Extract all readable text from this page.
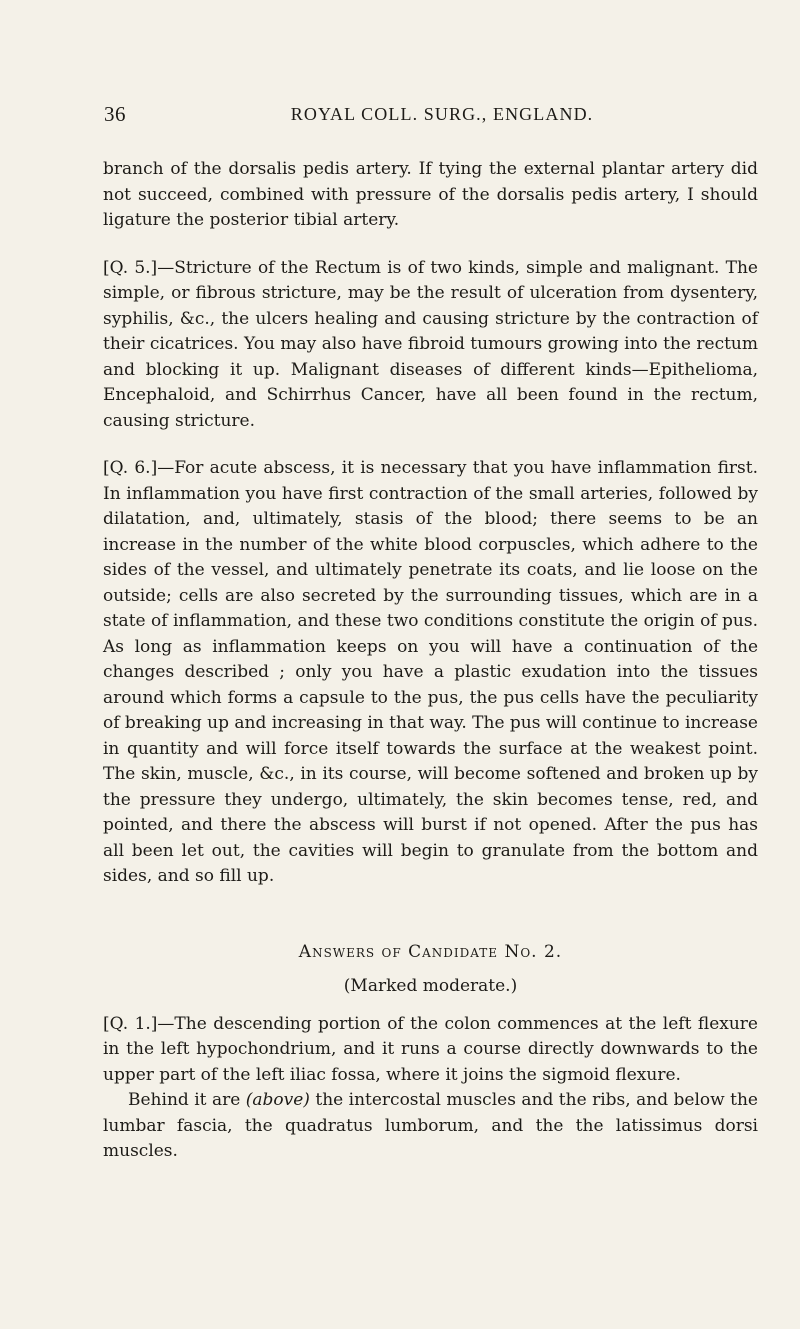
36	ROYAL COLL. SURG., ENGLAND.

branch of the dorsalis pedis artery. If tying the external plantar artery did not succeed, combined with pressure of the dorsalis pedis artery, I should ligature the posterior tibial artery.

[Q. 5.]—Stricture of the Rectum is of two kinds, simple and malignant. The simple, or fibrous stricture, may be the result of ulceration from dysentery, syphilis, &c., the ulcers healing and causing stricture by the contraction of their cicatrices. You may also have fibroid tumours growing into the rectum and blocking it up. Malignant diseases of different kinds—Epithelioma, Encephaloid, and Schirrhus Cancer, have all been found in the rectum, causing stricture.

[Q. 6.]—For acute abscess, it is necessary that you have inflammation first. In inflammation you have first contraction of the small arteries, followed by dilatation, and, ultimately, stasis of the blood; there seems to be an increase in the number of the white blood corpuscles, which adhere to the sides of the vessel, and ultimately penetrate its coats, and lie loose on the outside; cells are also secreted by the surrounding tissues, which are in a state of inflammation, and these two conditions constitute the origin of pus. As long as inflammation keeps on you will have a continuation of the changes described ; only you have a plastic exudation into the tissues around which forms a capsule to the pus, the pus cells have the peculiarity of breaking up and increasing in that way. The pus will continue to increase in quantity and will force itself towards the surface at the weakest point. The skin, muscle, &c., in its course, will become softened and broken up by the pressure they undergo, ultimately, the skin becomes tense, red, and pointed, and there the abscess will burst if not opened. After the pus has all been let out, the cavities will begin to granulate from the bottom and sides, and so fill up.

Answers of Candidate No. 2.
(Marked moderate.)

[Q. 1.]—The descending portion of the colon commences at the left flexure in the left hypochondrium, and it runs a course directly downwards to the upper part of the left iliac fossa, where it joins the sigmoid flexure.

Behind it are (above) the intercostal muscles and the ribs, and below the lumbar fascia, the quadratus lumborum, and the the latissimus dorsi muscles.
